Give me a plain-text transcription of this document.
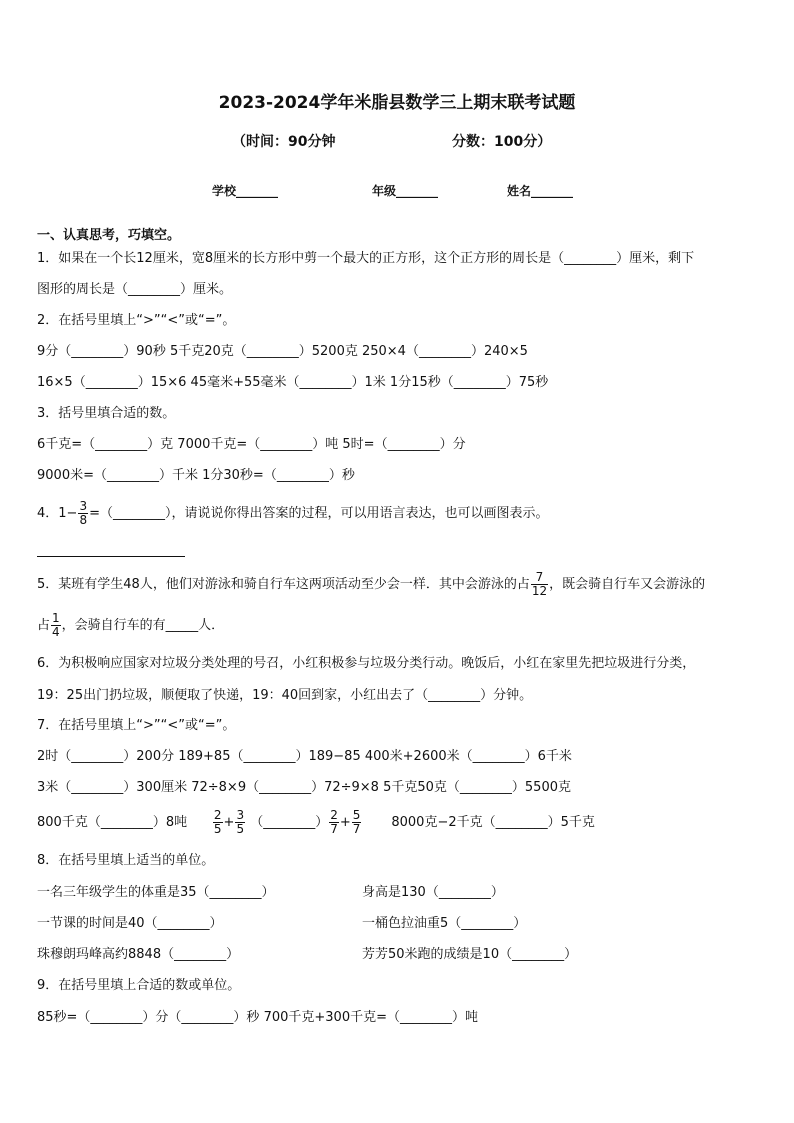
2023-2024学年米脂县数学三上期末联考试题
（时间：90分钟	分数：100分）
学校_______	年级_______	姓名_______
一、认真思考，巧填空。
1．如果在一个长12厘米，宽8厘米的长方形中剪一个最大的正方形，这个正方形的周长是（________）厘米，剩下
图形的周长是（________）厘米。
2．在括号里填上“>”“<”或“=”。
9分（________）90秒 5千克20克（________）5200克 250×4（________）240×5
16×5（________）15×6 45毫米+55毫米（________）1米 1分15秒（________）75秒
3．括号里填合适的数。
6千克=（________）克 7000千克=（________）吨 5时=（________）分
9000米=（________）千米 1分30秒=（________）秒
4．$1- \frac{3}{8}$ =（________），请说说你得出答案的过程，可以用语言表达，也可以画图表示。
5．某班有学生48人，他们对游泳和骑自行车这两项活动至少会一样．其中会游泳的占 $\frac{7}{12}$ ，既会骑自行车又会游泳的
占 $\frac{1}{4}$ ，会骑自行车的有_____人．
6．为积极响应国家对垃圾分类处理的号召，小红积极参与垃圾分类行动。晚饭后，小红在家里先把垃圾进行分类，
19：25出门扔垃圾，顺便取了快递，19：40回到家，小红出去了（________）分钟。
7．在括号里填上“>”“<”或“=”。
2时（________）200分 189+85（________）189−85 400米+2600米（________）6千米
3米（________）300厘米 72÷8×9（________）72÷9×8 5千克50克（________）5500克
800千克（________）8吨 $\frac{2}{5} + \frac{3}{5}$ （________） $\frac{2}{7} + \frac{5}{7} 8000$克−2千克（________）5千克
8．在括号里填上适当的单位。
一名三年级学生的体重是35（________）	身高是130（________）
一节课的时间是40（________）	一桶色拉油重5（________）
珠穆朗玛峰高约8848（________）	芳芳50米跑的成绩是10（________）
9．在括号里填上合适的数或单位。
85秒=（________）分（________）秒 700千克+300千克=（________）吨
